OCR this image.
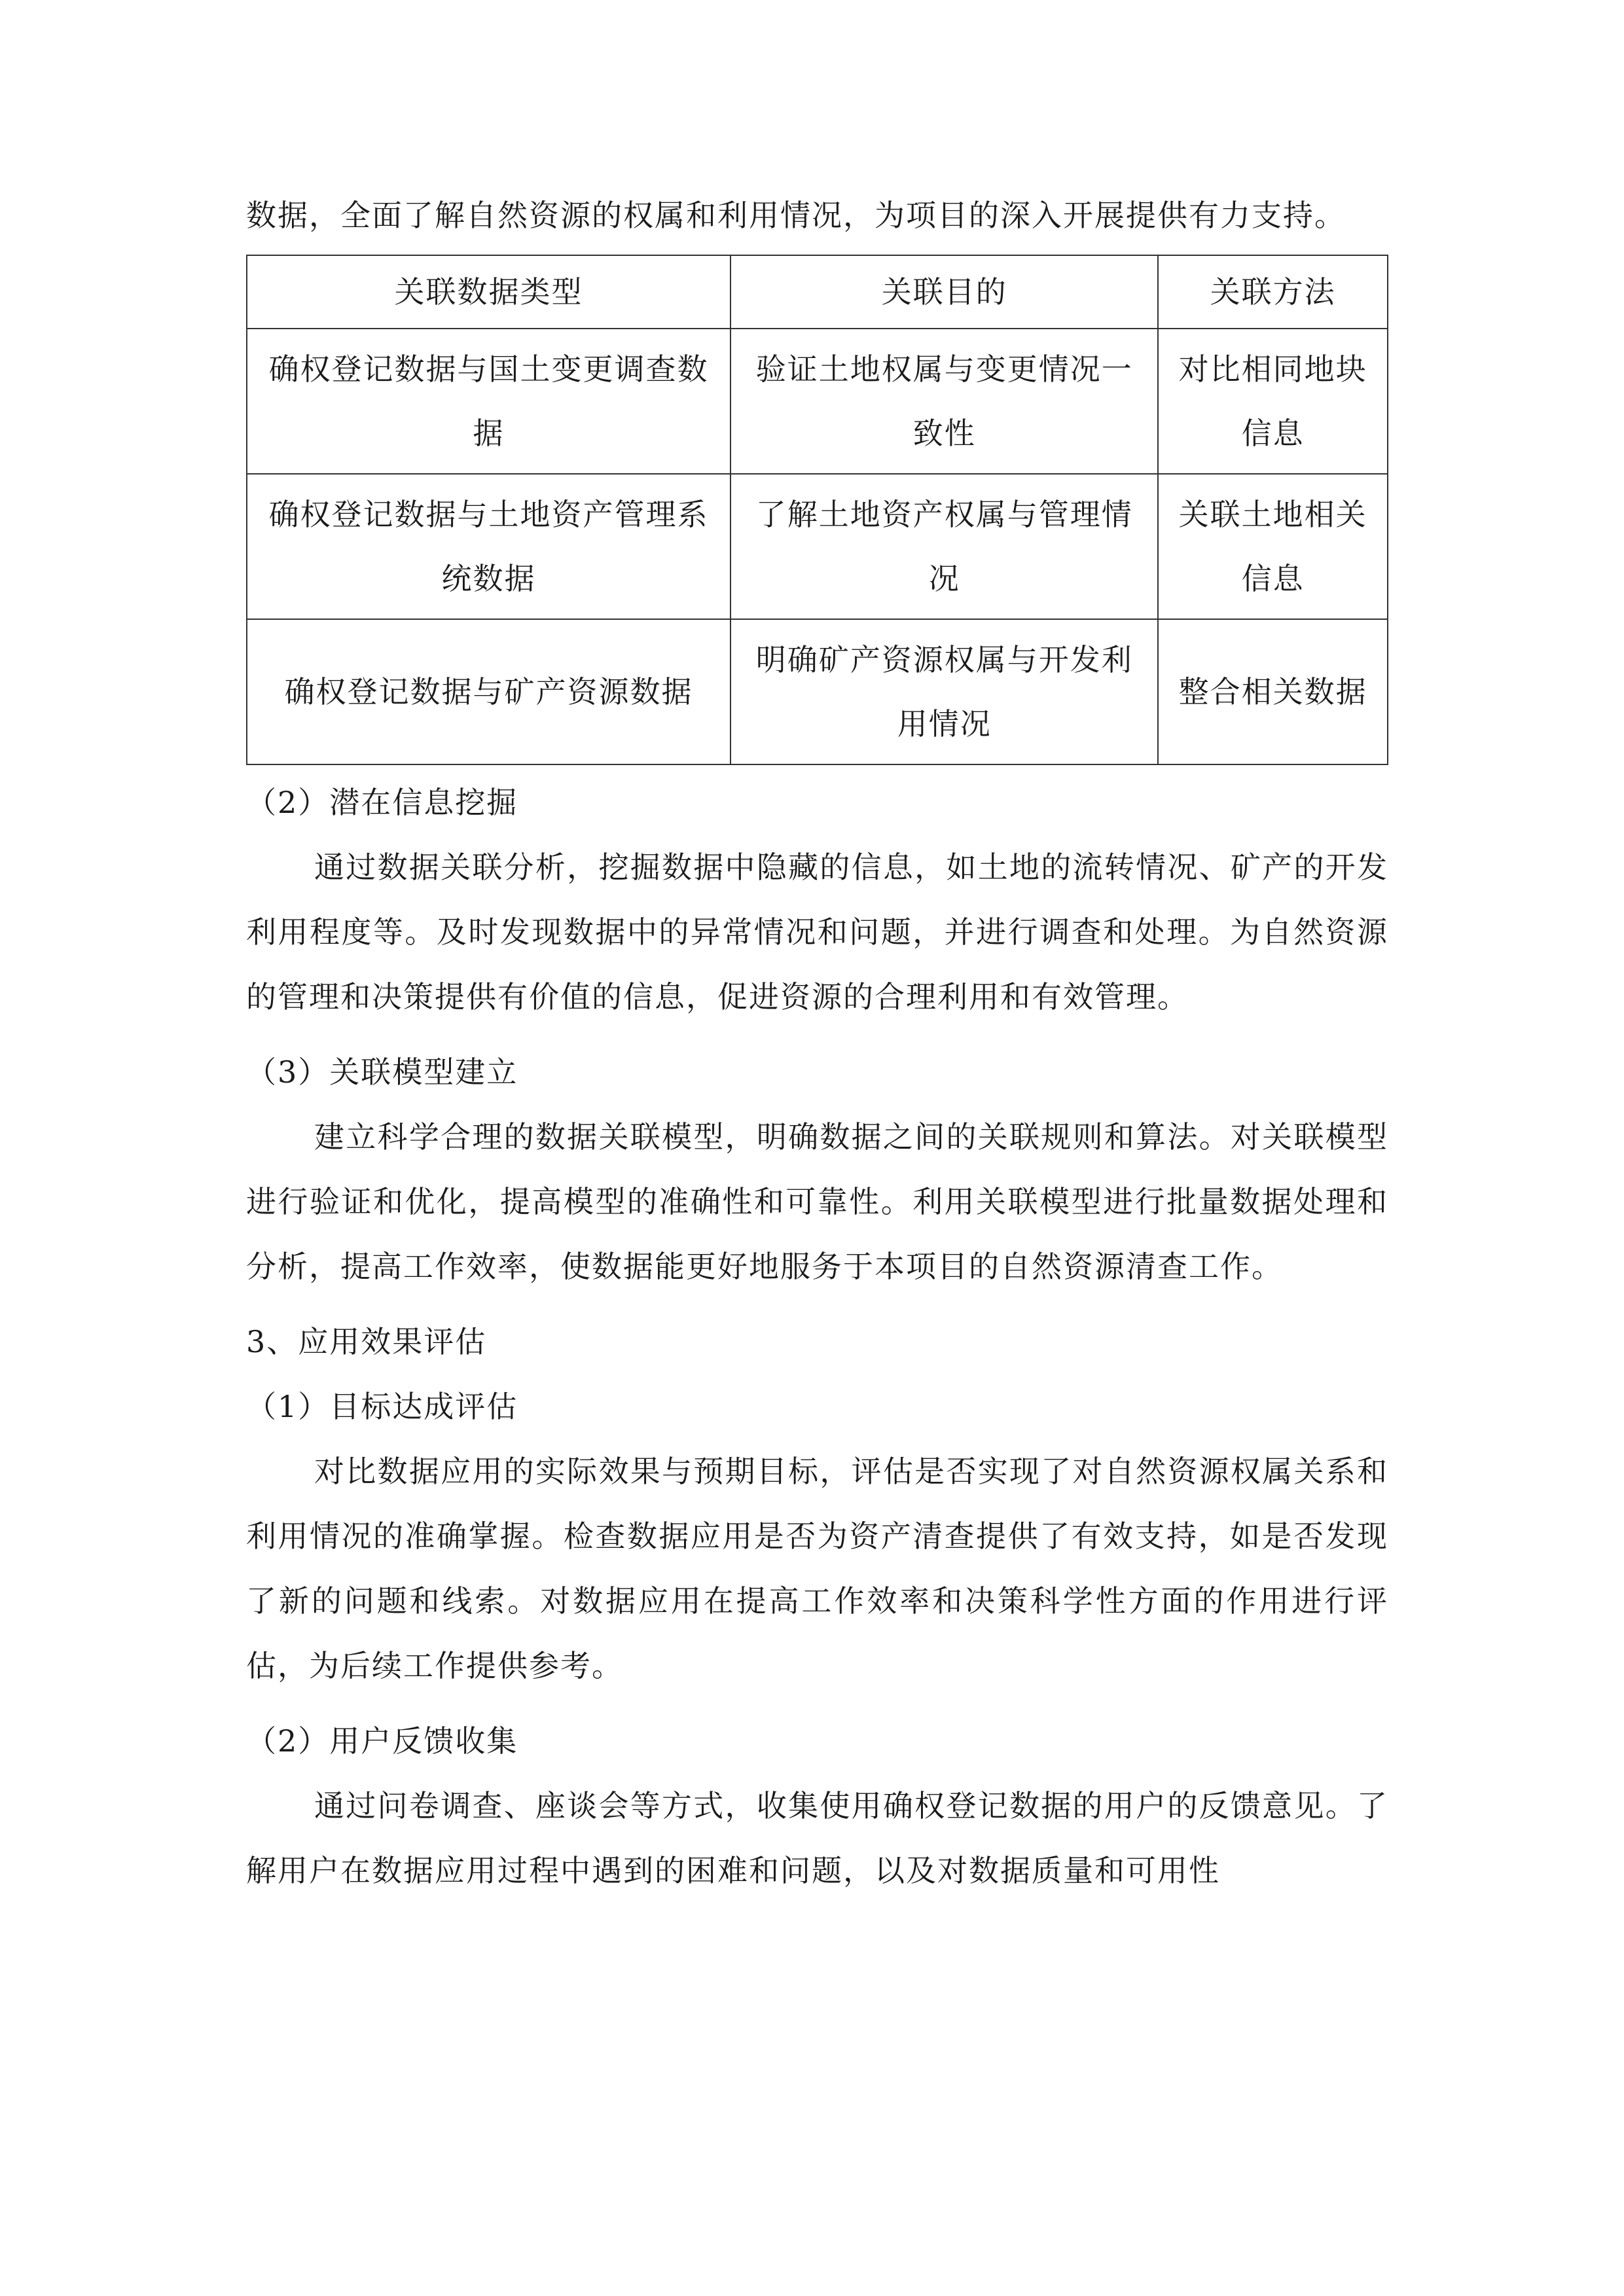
数据，全面了解自然资源的权属和利用情况，为项目的深入开展提供有力支持。

关联数据类型	关联目的	关联方法
确权登记数据与国土变更调查数据	验证土地权属与变更情况一致性	对比相同地块信息
确权登记数据与土地资产管理系统数据	了解土地资产权属与管理情况	关联土地相关信息
确权登记数据与矿产资源数据	明确矿产资源权属与开发利用情况	整合相关数据

（2）潜在信息挖掘

通过数据关联分析，挖掘数据中隐藏的信息，如土地的流转情况、矿产的开发利用程度等。及时发现数据中的异常情况和问题，并进行调查和处理。为自然资源的管理和决策提供有价值的信息，促进资源的合理利用和有效管理。

（3）关联模型建立

建立科学合理的数据关联模型，明确数据之间的关联规则和算法。对关联模型进行验证和优化，提高模型的准确性和可靠性。利用关联模型进行批量数据处理和分析，提高工作效率，使数据能更好地服务于本项目的自然资源清查工作。

3、应用效果评估

（1）目标达成评估

对比数据应用的实际效果与预期目标，评估是否实现了对自然资源权属关系和利用情况的准确掌握。检查数据应用是否为资产清查提供了有效支持，如是否发现了新的问题和线索。对数据应用在提高工作效率和决策科学性方面的作用进行评估，为后续工作提供参考。

（2）用户反馈收集

通过问卷调查、座谈会等方式，收集使用确权登记数据的用户的反馈意见。了解用户在数据应用过程中遇到的困难和问题，以及对数据质量和可用性
